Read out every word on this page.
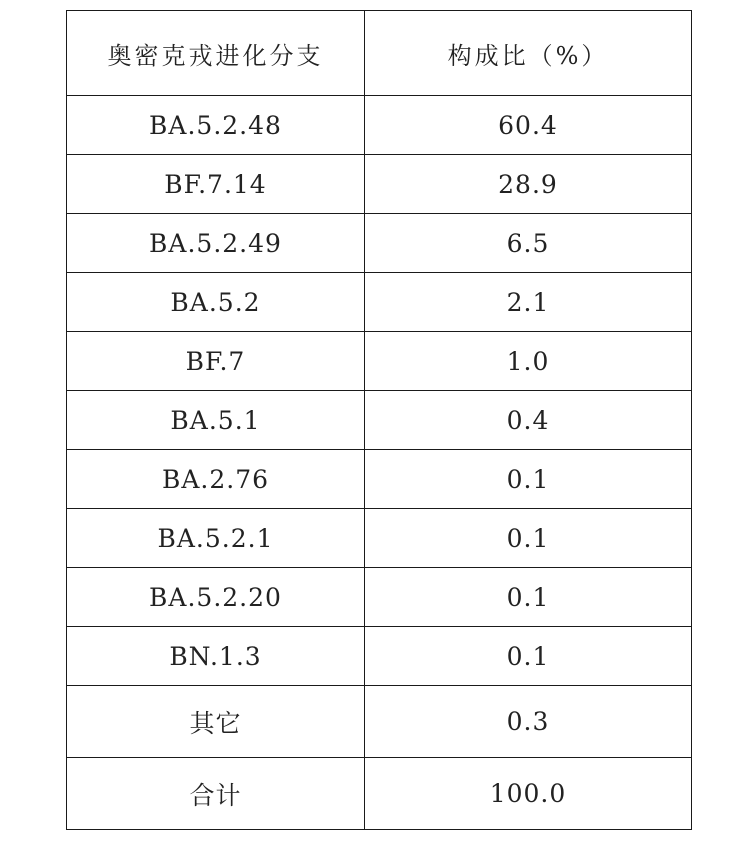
奥密克戎进化分支	构成比（%）
BA.5.2.48	60.4
BF.7.14	28.9
BA.5.2.49	6.5
BA.5.2	2.1
BF.7	1.0
BA.5.1	0.4
BA.2.76	0.1
BA.5.2.1	0.1
BA.5.2.20	0.1
BN.1.3	0.1
其它	0.3
合计	100.0
